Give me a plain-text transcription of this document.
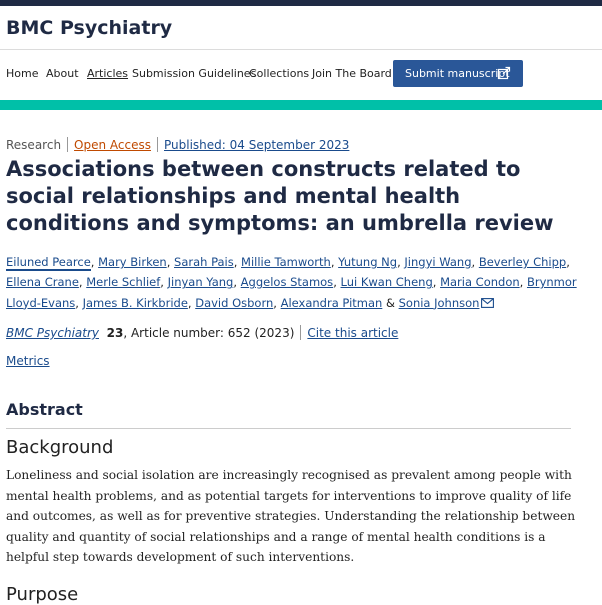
BMC Psychiatry
Home About Articles Submission Guidelines
Collections Join The Board	Submit manuscript
Research Open Access Published: 04 September 2023
Associations between constructs related to social relationships and mental health conditions and symptoms: an umbrella review
Eiluned Pearce, Mary Birken, Sarah Pais, Millie Tamworth, Yutung Ng, Jingyi Wang, Beverley Chipp, Ellena Crane, Merle Schlief, Jinyan Yang, Aggelos Stamos, Lui Kwan Cheng, Maria Condon, Brynmor Lloyd-Evans, James B. Kirkbride, David Osborn, Alexandra Pitman & Sonia Johnson
BMC Psychiatry 23, Article number: 652 (2023) Cite this article
Metrics
Abstract
Background
Loneliness and social isolation are increasingly recognised as prevalent among people with mental health problems, and as potential targets for interventions to improve quality of life and outcomes, as well as for preventive strategies. Understanding the relationship between quality and quantity of social relationships and a range of mental health conditions is a helpful step towards development of such interventions.
Purpose
